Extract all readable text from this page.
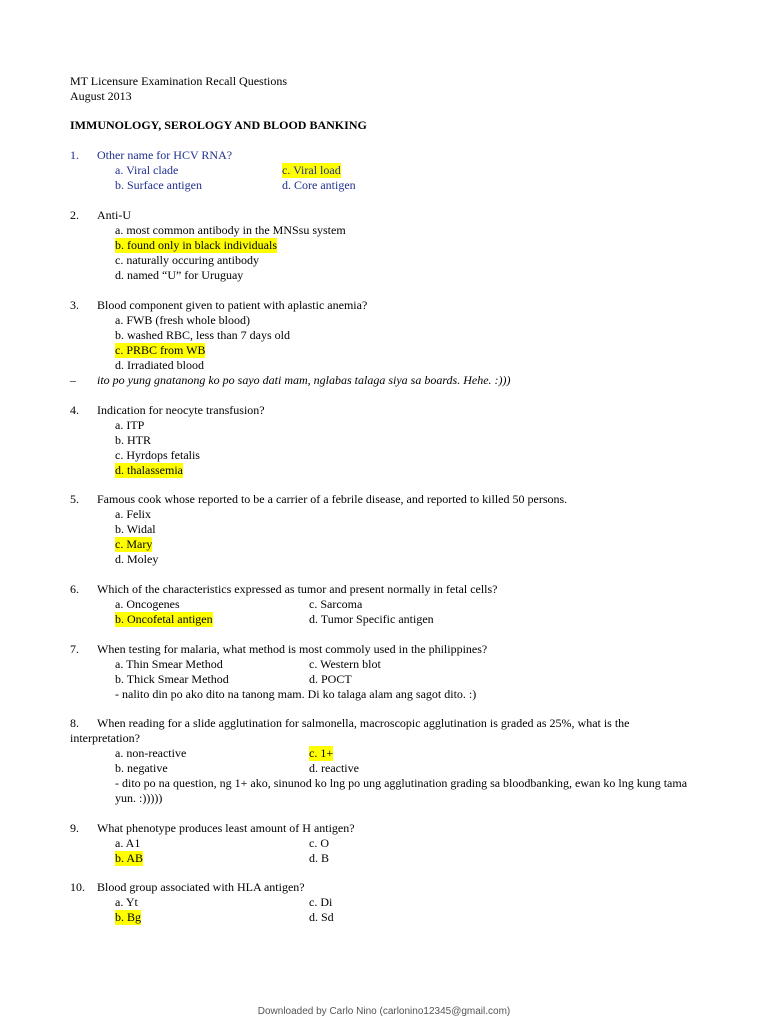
MT Licensure Examination Recall Questions
August 2013
IMMUNOLOGY, SEROLOGY AND BLOOD BANKING
1. Other name for HCV RNA?
a. Viral clade
b. Surface antigen
c. Viral load
d. Core antigen
2. Anti-U
a. most common antibody in the MNSsu system
b. found only in black individuals
c. naturally occuring antibody
d. named “U” for Uruguay
3. Blood component given to patient with aplastic anemia?
a. FWB (fresh whole blood)
b. washed RBC, less than 7 days old
c. PRBC from WB
d. Irradiated blood
– ito po yung gnatanong ko po sayo dati mam, nglabas talaga siya sa boards. Hehe. :)))
4. Indication for neocyte transfusion?
a. ITP
b. HTR
c. Hyrdops fetalis
d. thalassemia
5. Famous cook whose reported to be a carrier of a febrile disease, and reported to killed 50 persons.
a. Felix
b. Widal
c. Mary
d. Moley
6. Which of the characteristics expressed as tumor and present normally in fetal cells?
a. Oncogenes
b. Oncofetal antigen
c. Sarcoma
d. Tumor Specific antigen
7. When testing for malaria, what method is most commoly used in the philippines?
a. Thin Smear Method
b. Thick Smear Method
c. Western blot
d. POCT
- nalito din po ako dito na tanong mam. Di ko talaga alam ang sagot dito. :)
8.	When reading for a slide agglutination for salmonella, macroscopic agglutination is graded as 25%, what is the interpretation?
a. non-reactive
b. negative
c. 1+
d. reactive
- dito po na question, ng 1+ ako, sinunod ko lng po ung agglutination grading sa bloodbanking, ewan ko lng kung tama yun. :)))))
9. What phenotype produces least amount of H antigen?
a. A1
b. AB
c. O
d. B
10. Blood group associated with HLA antigen?
a. Yt
b. Bg
c. Di
d. Sd
Downloaded by Carlo Nino (carlonino12345@gmail.com)
